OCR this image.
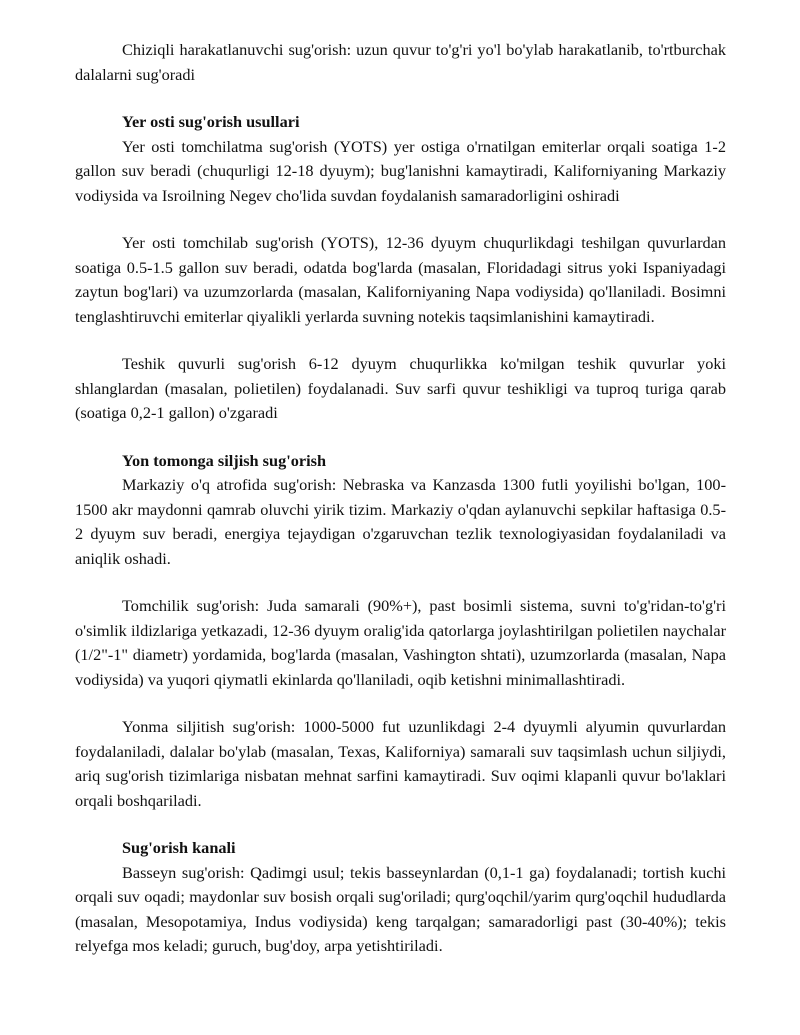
Chiziqli harakatlanuvchi sug'orish: uzun quvur to'g'ri yo'l bo'ylab harakatlanib, to'rtburchak dalalarni sug'oradi

Yer osti sug'orish usullari

Yer osti tomchilatma sug'orish (YOTS) yer ostiga o'rnatilgan emiterlar orqali soatiga 1-2 gallon suv beradi (chuqurligi 12-18 dyuym); bug'lanishni kamaytiradi, Kaliforniyaning Markaziy vodiysida va Isroilning Negev cho'lida suvdan foydalanish samaradorligini oshiradi

Yer osti tomchilab sug'orish (YOTS), 12-36 dyuym chuqurlikdagi teshilgan quvurlardan soatiga 0.5-1.5 gallon suv beradi, odatda bog'larda (masalan, Floridadagi sitrus yoki Ispaniyadagi zaytun bog'lari) va uzumzorlarda (masalan, Kaliforniyaning Napa vodiysida) qo'llaniladi. Bosimni tenglashtiruvchi emiterlar qiyalikli yerlarda suvning notekis taqsimlanishini kamaytiradi.

Teshik quvurli sug'orish 6-12 dyuym chuqurlikka ko'milgan teshik quvurlar yoki shlanglardan (masalan, polietilen) foydalanadi. Suv sarfi quvur teshikligi va tuproq turiga qarab (soatiga 0,2-1 gallon) o'zgaradi

Yon tomonga siljish sug'orish

Markaziy o'q atrofida sug'orish: Nebraska va Kanzasda 1300 futli yoyilishi bo'lgan, 100-1500 akr maydonni qamrab oluvchi yirik tizim. Markaziy o'qdan aylanuvchi sepkilar haftasiga 0.5-2 dyuym suv beradi, energiya tejaydigan o'zgaruvchan tezlik texnologiyasidan foydalaniladi va aniqlik oshadi.

Tomchilik sug'orish: Juda samarali (90%+), past bosimli sistema, suvni to'g'ridan-to'g'ri o'simlik ildizlariga yetkazadi, 12-36 dyuym oralig'ida qatorlarga joylashtirilgan polietilen naychalar (1/2"-1" diametr) yordamida, bog'larda (masalan, Vashington shtati), uzumzorlarda (masalan, Napa vodiysida) va yuqori qiymatli ekinlarda qo'llaniladi, oqib ketishni minimallashtiradi.

Yonma siljitish sug'orish: 1000-5000 fut uzunlikdagi 2-4 dyuymli alyumin quvurlardan foydalaniladi, dalalar bo'ylab (masalan, Texas, Kaliforniya) samarali suv taqsimlash uchun siljiydi, ariq sug'orish tizimlariga nisbatan mehnat sarfini kamaytiradi. Suv oqimi klapanli quvur bo'laklari orqali boshqariladi.

Sug'orish kanali

Basseyn sug'orish: Qadimgi usul; tekis basseynlardan (0,1-1 ga) foydalanadi; tortish kuchi orqali suv oqadi; maydonlar suv bosish orqali sug'oriladi; qurg'oqchil/yarim qurg'oqchil hududlarda (masalan, Mesopotamiya, Indus vodiysida) keng tarqalgan; samaradorligi past (30-40%); tekis relyefga mos keladi; guruch, bug'doy, arpa yetishtiriladi.
